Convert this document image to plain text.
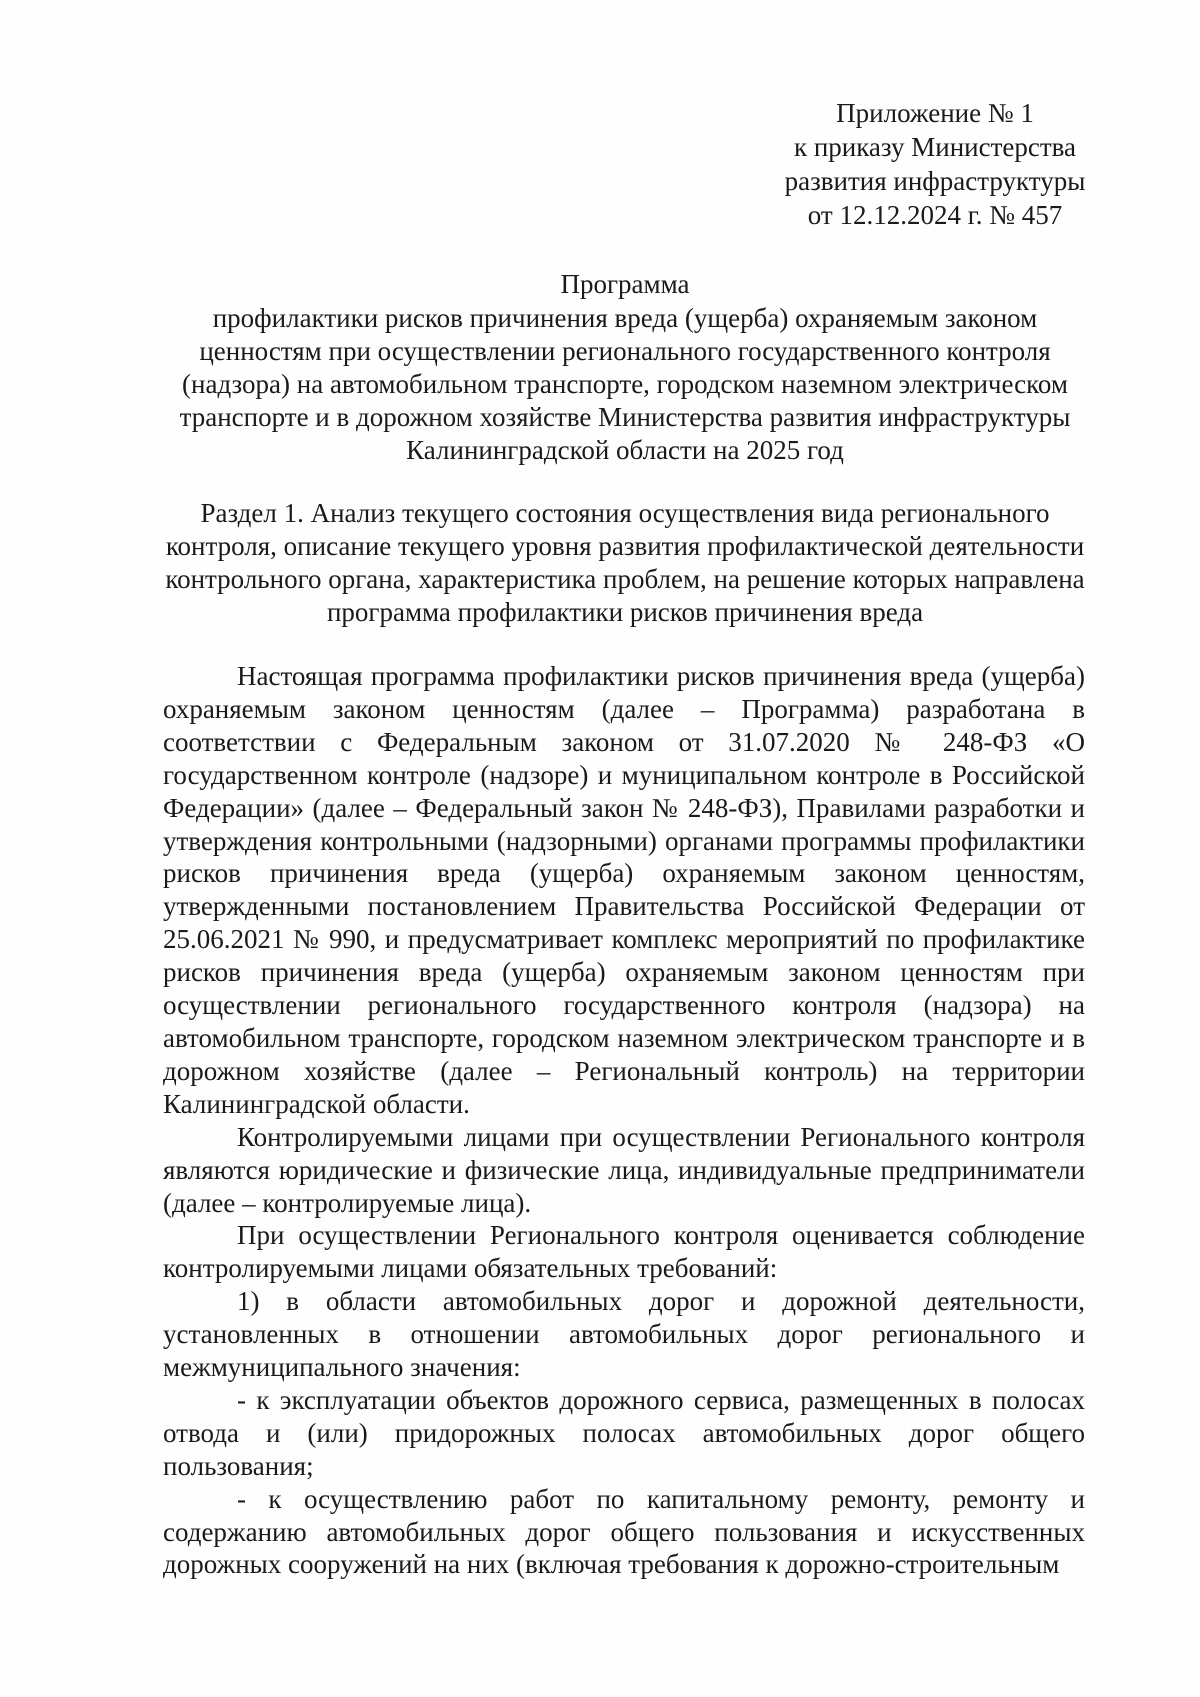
Приложение № 1
к приказу Министерства
развития инфраструктуры
от 12.12.2024 г. № 457
Программа
профилактики рисков причинения вреда (ущерба) охраняемым законом
ценностям при осуществлении регионального государственного контроля
(надзора) на автомобильном транспорте, городском наземном электрическом
транспорте и в дорожном хозяйстве Министерства развития инфраструктуры
Калининградской области на 2025 год
Раздел 1. Анализ текущего состояния осуществления вида регионального
контроля, описание текущего уровня развития профилактической деятельности
контрольного органа, характеристика проблем, на решение которых направлена
программа профилактики рисков причинения вреда

Настоящая программа профилактики рисков причинения вреда (ущерба) охраняемым законом ценностям (далее – Программа) разработана в соответствии с Федеральным законом от 31.07.2020 № 248-ФЗ «О государственном контроле (надзоре) и муниципальном контроле в Российской Федерации» (далее – Федеральный закон № 248-ФЗ), Правилами разработки и утверждения контрольными (надзорными) органами программы профилактики рисков причинения вреда (ущерба) охраняемым законом ценностям, утвержденными постановлением Правительства Российской Федерации от 25.06.2021 № 990, и предусматривает комплекс мероприятий по профилактике рисков причинения вреда (ущерба) охраняемым законом ценностям при осуществлении регионального государственного контроля (надзора) на автомобильном транспорте, городском наземном электрическом транспорте и в дорожном хозяйстве (далее – Региональный контроль) на территории Калининградской области.

Контролируемыми лицами при осуществлении Регионального контроля являются юридические и физические лица, индивидуальные предприниматели (далее – контролируемые лица).

При осуществлении Регионального контроля оценивается соблюдение контролируемыми лицами обязательных требований:

1) в области автомобильных дорог и дорожной деятельности, установленных в отношении автомобильных дорог регионального и межмуниципального значения:

- к эксплуатации объектов дорожного сервиса, размещенных в полосах отвода и (или) придорожных полосах автомобильных дорог общего пользования;

- к осуществлению работ по капитальному ремонту, ремонту и содержанию автомобильных дорог общего пользования и искусственных дорожных сооружений на них (включая требования к дорожно-строительным
